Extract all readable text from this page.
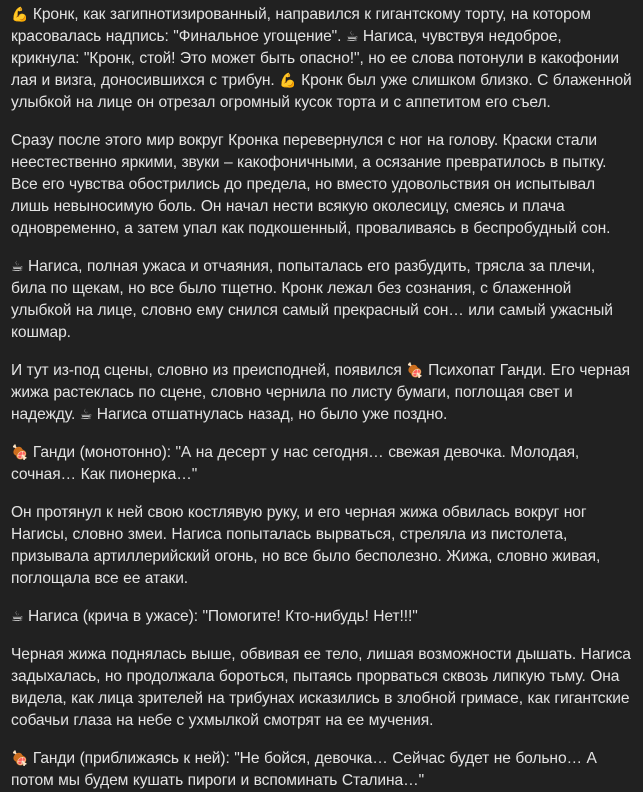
💪 Кронк, как загипнотизированный, направился к гигантскому торту, на котором красовалась надпись: "Финальное угощение". ☕ Нагиса, чувствуя недоброе, крикнула: "Кронк, стой! Это может быть опасно!", но ее слова потонули в какофонии лая и визга, доносившихся с трибун. 💪 Кронк был уже слишком близко. С блаженной улыбкой на лице он отрезал огромный кусок торта и с аппетитом его съел.

Сразу после этого мир вокруг Кронка перевернулся с ног на голову. Краски стали неестественно яркими, звуки – какофоничными, а осязание превратилось в пытку. Все его чувства обострились до предела, но вместо удовольствия он испытывал лишь невыносимую боль. Он начал нести всякую околесицу, смеясь и плача одновременно, а затем упал как подкошенный, проваливаясь в беспробудный сон.

☕ Нагиса, полная ужаса и отчаяния, попыталась его разбудить, трясла за плечи, била по щекам, но все было тщетно. Кронк лежал без сознания, с блаженной улыбкой на лице, словно ему снился самый прекрасный сон… или самый ужасный кошмар.

И тут из-под сцены, словно из преисподней, появился 🍖 Психопат Ганди. Его черная жижа растеклась по сцене, словно чернила по листу бумаги, поглощая свет и надежду. ☕ Нагиса отшатнулась назад, но было уже поздно.

🍖 Ганди (монотонно): "А на десерт у нас сегодня… свежая девочка. Молодая, сочная… Как пионерка…"

Он протянул к ней свою костлявую руку, и его черная жижа обвилась вокруг ног Нагисы, словно змеи. Нагиса попыталась вырваться, стреляла из пистолета, призывала артиллерийский огонь, но все было бесполезно. Жижа, словно живая, поглощала все ее атаки.

☕ Нагиса (крича в ужасе): "Помогите! Кто-нибудь! Нет!!!"

Черная жижа поднялась выше, обвивая ее тело, лишая возможности дышать. Нагиса задыхалась, но продолжала бороться, пытаясь прорваться сквозь липкую тьму. Она видела, как лица зрителей на трибунах исказились в злобной гримасе, как гигантские собачьи глаза на небе с ухмылкой смотрят на ее мучения.

🍖 Ганди (приближаясь к ней): "Не бойся, девочка… Сейчас будет не больно… А потом мы будем кушать пироги и вспоминать Сталина…"
